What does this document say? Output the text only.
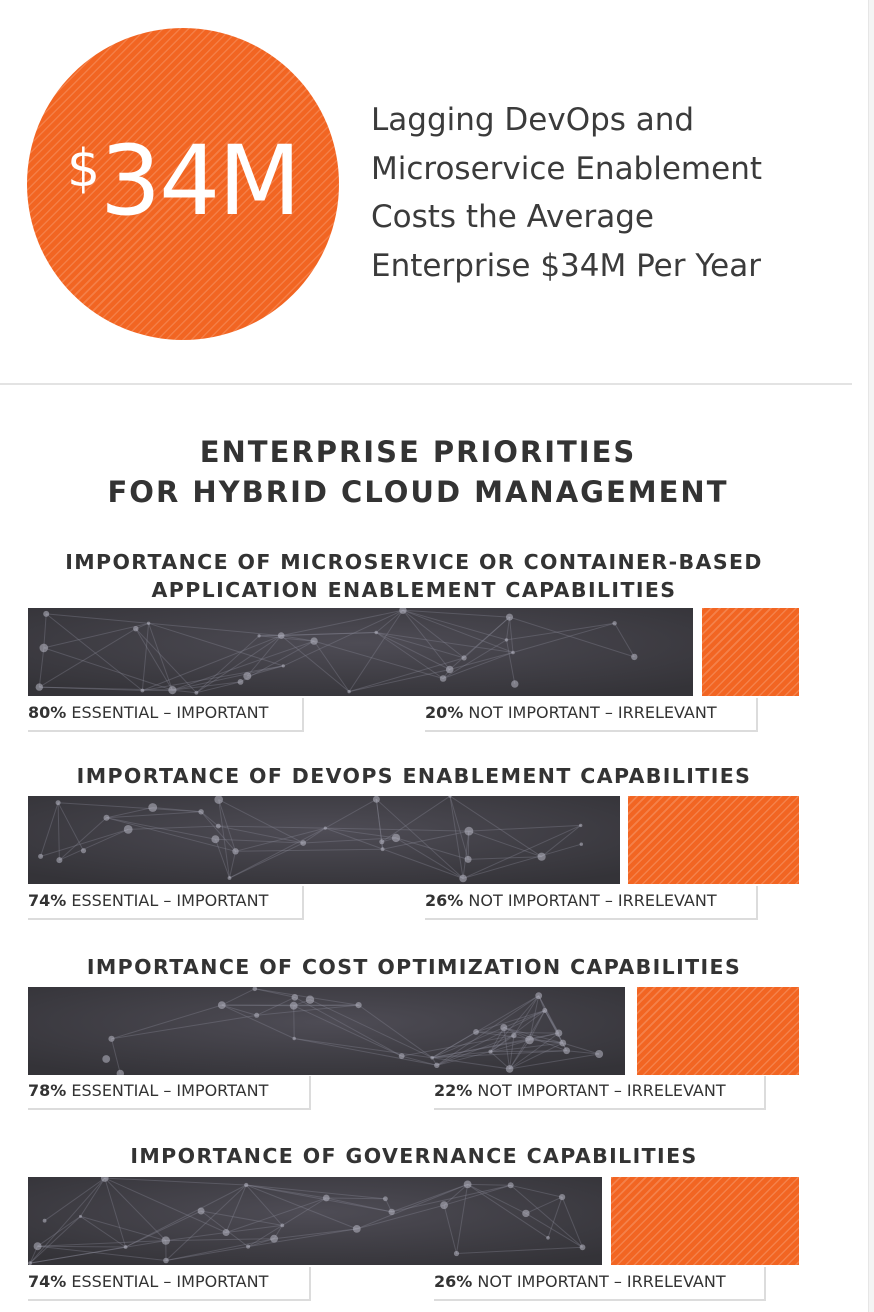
$ 34M
Lagging DevOps and
Microservice Enablement
Costs the Average
Enterprise $34M Per Year
ENTERPRISE PRIORITIES
FOR HYBRID CLOUD MANAGEMENT
IMPORTANCE OF MICROSERVICE OR CONTAINER-BASED
APPLICATION ENABLEMENT CAPABILITIES
80% ESSENTIAL – IMPORTANT	20% NOT IMPORTANT – IRRELEVANT
IMPORTANCE OF DEVOPS ENABLEMENT CAPABILITIES
74% ESSENTIAL – IMPORTANT	26% NOT IMPORTANT – IRRELEVANT
IMPORTANCE OF COST OPTIMIZATION CAPABILITIES
78% ESSENTIAL – IMPORTANT	22% NOT IMPORTANT – IRRELEVANT
IMPORTANCE OF GOVERNANCE CAPABILITIES
74% ESSENTIAL – IMPORTANT	26% NOT IMPORTANT – IRRELEVANT
